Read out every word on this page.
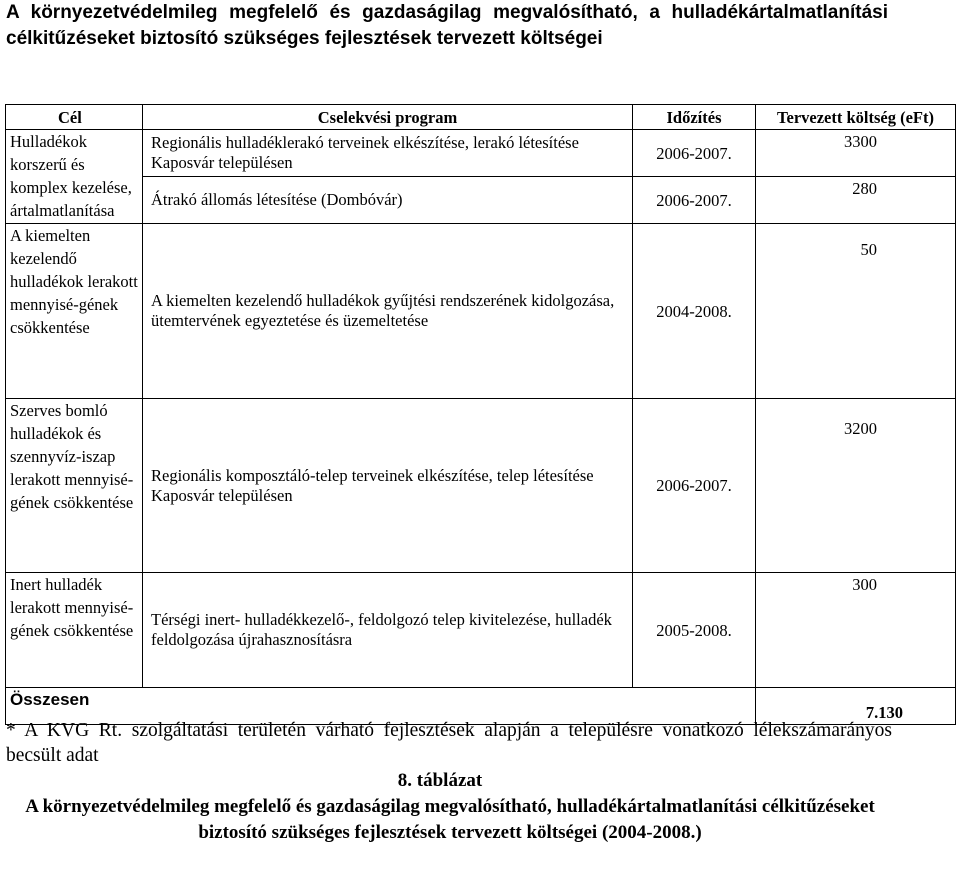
A környezetvédelmileg megfelelő és gazdaságilag megvalósítható, a hulladékártalmatlanítási célkitűzéseket biztosító szükséges fejlesztések tervezett költségei

Cél	Cselekvési program	Időzítés	Tervezett költség (eFt)
Hulladékok korszerű és komplex kezelése, ártalmatlanítása	Regionális hulladéklerakó terveinek elkészítése, lerakó létesítése Kaposvár településen	2006-2007.	3300
	Átrakó állomás létesítése (Dombóvár)	2006-2007.	280
A kiemelten kezelendő hulladékok lerakott mennyisé-gének csökkentése	A kiemelten kezelendő hulladékok gyűjtési rendszerének kidolgozása, ütemtervének egyeztetése és üzemeltetése	2004-2008.	50
Szerves bomló hulladékok és szennyvíz-iszap lerakott mennyisé-gének csökkentése	Regionális komposztáló-telep terveinek elkészítése, telep létesítése Kaposvár településen	2006-2007.	3200
Inert hulladék lerakott mennyisé-gének csökkentése	Térségi inert- hulladékkezelő-, feldolgozó telep kivitelezése, hulladék feldolgozása újrahasznosításra	2005-2008.	300
Összesen			7.130

* A KVG Rt. szolgáltatási területén várható fejlesztések alapján a településre vonatkozó lélekszámarányos becsült adat

8. táblázat

A környezetvédelmileg megfelelő és gazdaságilag megvalósítható, hulladékártalmatlanítási célkitűzéseket biztosító szükséges fejlesztések tervezett költségei (2004-2008.)
